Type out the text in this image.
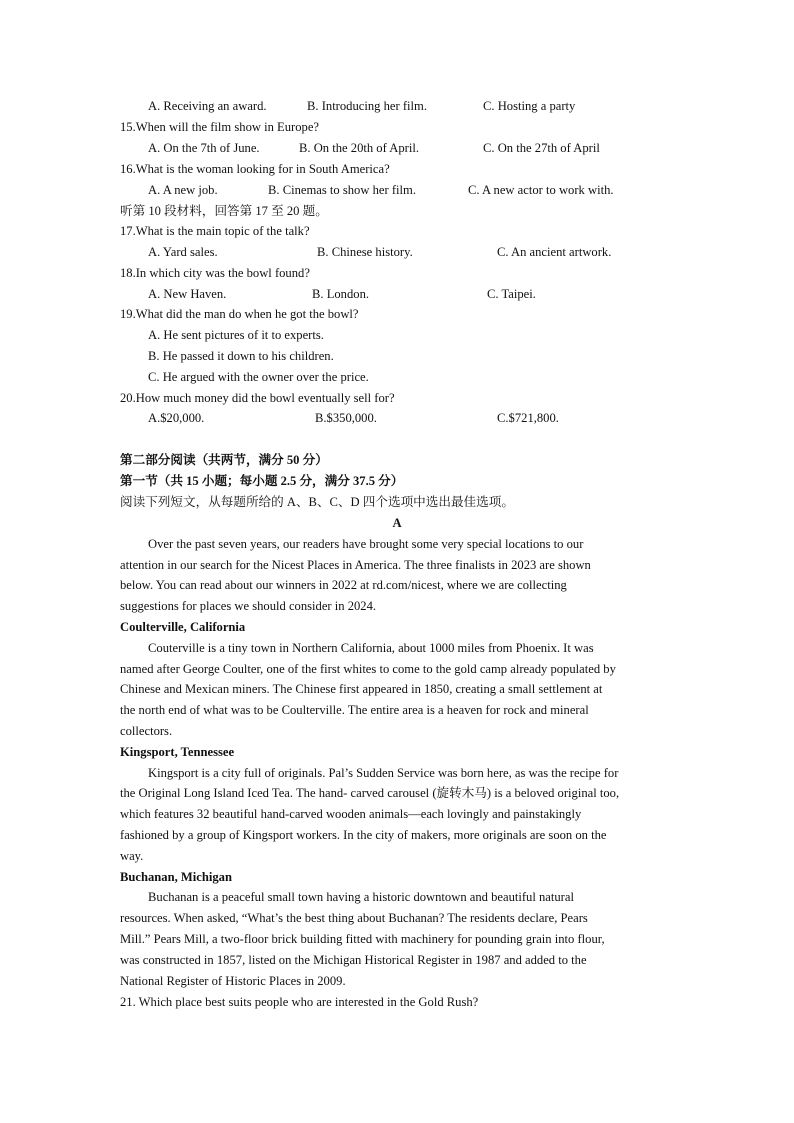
A. Receiving an award.	B. Introducing her film.	C. Hosting a party
15.When will the film show in Europe?
A. On the 7th of June.	B. On the 20th of April.	C. On the 27th of April
16.What is the woman looking for in South America?
A. A new job.	B. Cinemas to show her film.	C. A new actor to work with.
听第 10 段材料，回答第 17 至 20 题。
17.What is the main topic of the talk?
A. Yard sales.	B. Chinese history.	C. An ancient artwork.
18.In which city was the bowl found?
A. New Haven.	B. London.	C. Taipei.
19.What did the man do when he got the bowl?
A. He sent pictures of it to experts.
B. He passed it down to his children.
C. He argued with the owner over the price.
20.How much money did the bowl eventually sell for?
A.$20,000.	B.$350,000.	C.$721,800.
第二部分阅读（共两节，满分 50 分）
第一节（共 15 小题；每小题 2.5 分，满分 37.5 分）
阅读下列短文，从每题所给的 A、B、C、D 四个选项中选出最佳选项。
A
Over the past seven years, our readers have brought some very special locations to our
attention in our search for the Nicest Places in America. The three finalists in 2023 are shown
below. You can read about our winners in 2022 at rd.com/nicest, where we are collecting
suggestions for places we should consider in 2024.
Coulterville, California
Couterville is a tiny town in Northern California, about 1000 miles from Phoenix. It was
named after George Coulter, one of the first whites to come to the gold camp already populated by
Chinese and Mexican miners. The Chinese first appeared in 1850, creating a small settlement at
the north end of what was to be Coulterville. The entire area is a heaven for rock and mineral
collectors.
Kingsport, Tennessee
Kingsport is a city full of originals. Pal’s Sudden Service was born here, as was the recipe for
the Original Long Island Iced Tea. The hand- carved carousel (旋转木马) is a beloved original too,
which features 32 beautiful hand-carved wooden animals—each lovingly and painstakingly
fashioned by a group of Kingsport workers. In the city of makers, more originals are soon on the
way.
Buchanan, Michigan
Buchanan is a peaceful small town having a historic downtown and beautiful natural
resources. When asked, “What’s the best thing about Buchanan? The residents declare, Pears
Mill.” Pears Mill, a two-floor brick building fitted with machinery for pounding grain into flour,
was constructed in 1857, listed on the Michigan Historical Register in 1987 and added to the
National Register of Historic Places in 2009.
21. Which place best suits people who are interested in the Gold Rush?
